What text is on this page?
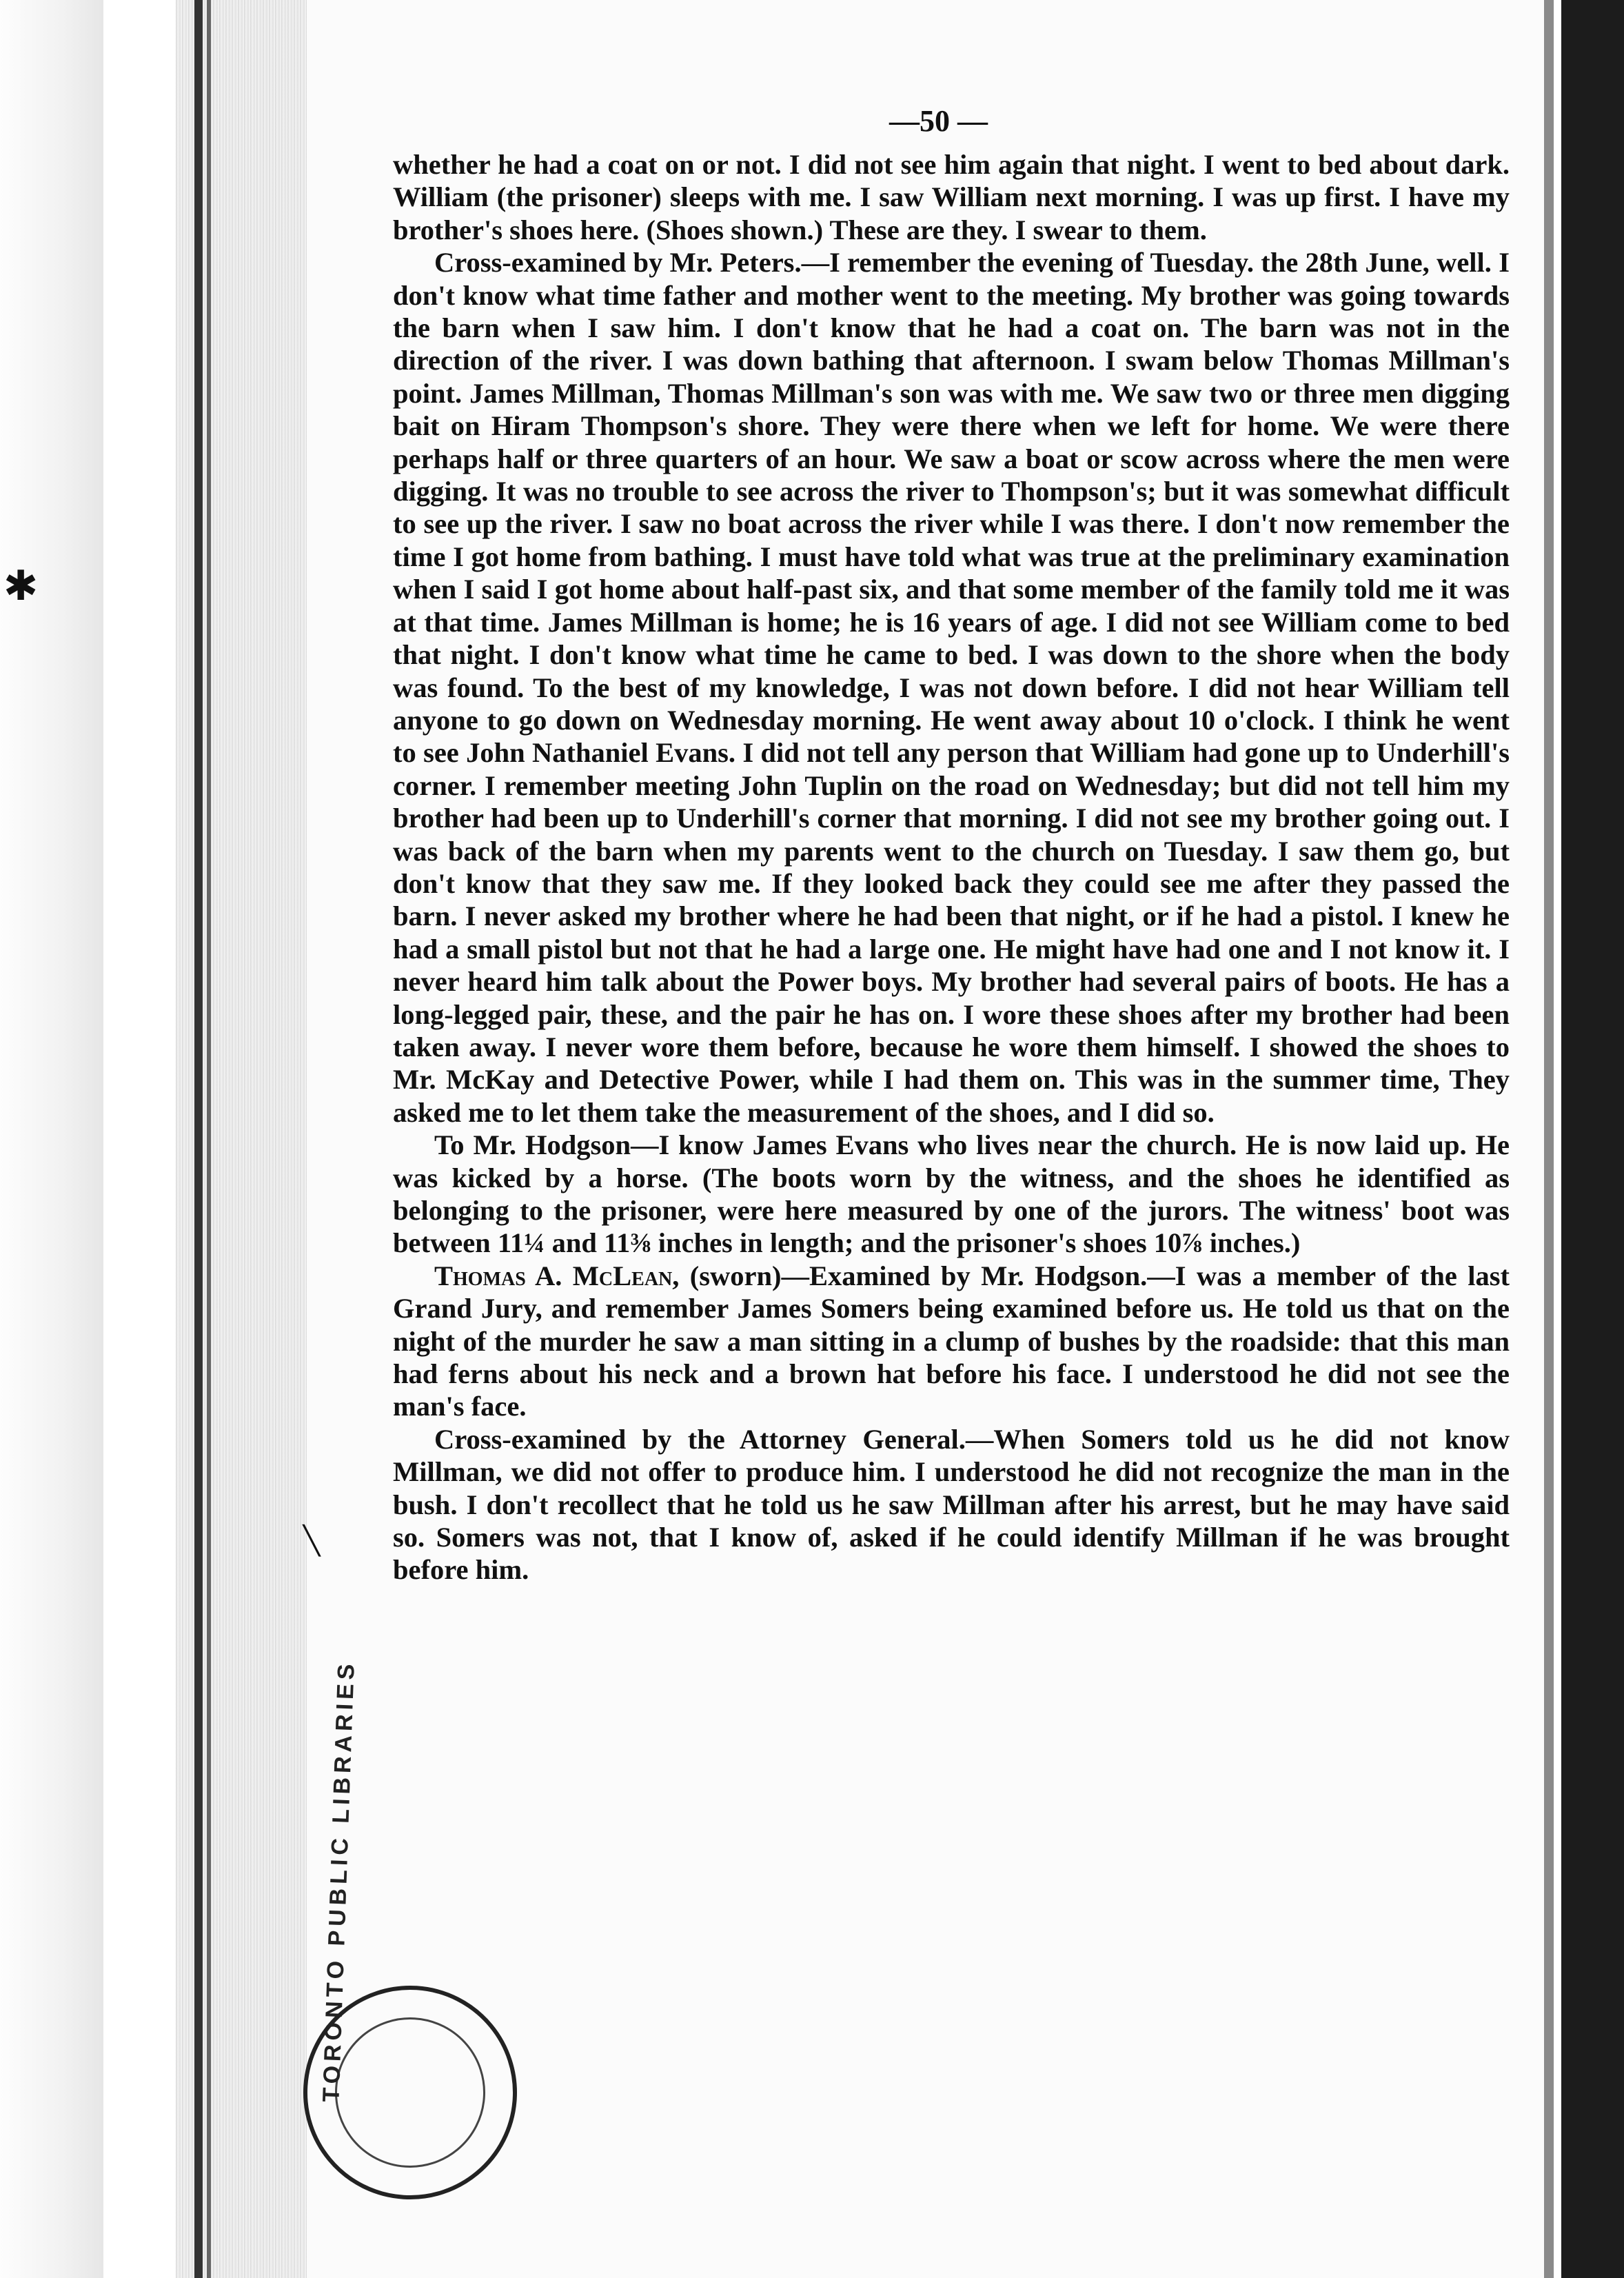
✱
╲
—50 —

whether he had a coat on or not. I did not see him again that night. I went to bed about dark. William (the prisoner) sleeps with me. I saw William next morning. I was up first. I have my brother's shoes here. (Shoes shown.) These are they. I swear to them.

Cross-examined by Mr. Peters.—I remember the evening of Tuesday. the 28th June, well. I don't know what time father and mother went to the meeting. My brother was going towards the barn when I saw him. I don't know that he had a coat on. The barn was not in the direction of the river. I was down bathing that afternoon. I swam below Thomas Millman's point. James Millman, Thomas Millman's son was with me. We saw two or three men digging bait on Hiram Thompson's shore. They were there when we left for home. We were there perhaps half or three quarters of an hour. We saw a boat or scow across where the men were digging. It was no trouble to see across the river to Thompson's; but it was somewhat difficult to see up the river. I saw no boat across the river while I was there. I don't now remember the time I got home from bathing. I must have told what was true at the preliminary examination when I said I got home about half-past six, and that some member of the family told me it was at that time. James Millman is home; he is 16 years of age. I did not see William come to bed that night. I don't know what time he came to bed. I was down to the shore when the body was found. To the best of my knowledge, I was not down before. I did not hear William tell anyone to go down on Wednesday morning. He went away about 10 o'clock. I think he went to see John Nathaniel Evans. I did not tell any person that William had gone up to Underhill's corner. I remember meeting John Tuplin on the road on Wednesday; but did not tell him my brother had been up to Underhill's corner that morning. I did not see my brother going out. I was back of the barn when my parents went to the church on Tuesday. I saw them go, but don't know that they saw me. If they looked back they could see me after they passed the barn. I never asked my brother where he had been that night, or if he had a pistol. I knew he had a small pistol but not that he had a large one. He might have had one and I not know it. I never heard him talk about the Power boys. My brother had several pairs of boots. He has a long-legged pair, these, and the pair he has on. I wore these shoes after my brother had been taken away. I never wore them before, because he wore them himself. I showed the shoes to Mr. McKay and Detective Power, while I had them on. This was in the summer time, They asked me to let them take the measurement of the shoes, and I did so.

To Mr. Hodgson—I know James Evans who lives near the church. He is now laid up. He was kicked by a horse. (The boots worn by the witness, and the shoes he identified as belonging to the prisoner, were here measured by one of the jurors. The witness' boot was between 11¼ and 11⅜ inches in length; and the prisoner's shoes 10⅞ inches.)

Thomas A. McLean, (sworn)—Examined by Mr. Hodgson.—I was a member of the last Grand Jury, and remember James Somers being examined before us. He told us that on the night of the murder he saw a man sitting in a clump of bushes by the roadside: that this man had ferns about his neck and a brown hat before his face. I understood he did not see the man's face.

Cross-examined by the Attorney General.—When Somers told us he did not know Millman, we did not offer to produce him. I understood he did not recognize the man in the bush. I don't recollect that he told us he saw Millman after his arrest, but he may have said so. Somers was not, that I know of, asked if he could identify Millman if he was brought before him.

TORONTO PUBLIC LIBRARIES
